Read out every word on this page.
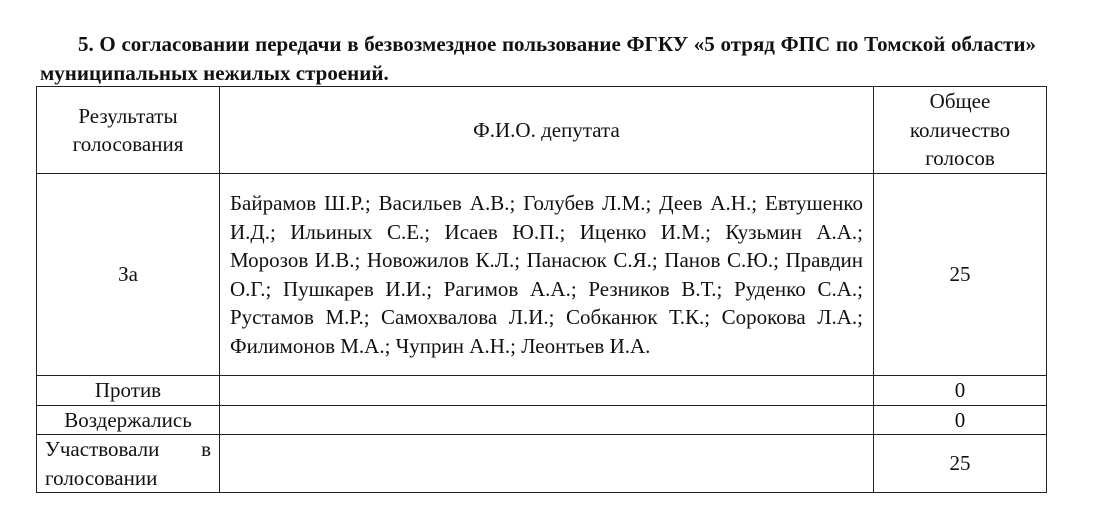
5. О согласовании передачи в безвозмездное пользование ФГКУ «5 отряд ФПС по Томской области» муниципальных нежилых строений.

Результаты голосования	Ф.И.О. депутата	Общее количество голосов
За	Байрамов Ш.Р.; Васильев А.В.; Голубев Л.М.; Деев А.Н.; Евтушенко И.Д.; Ильиных С.Е.; Исаев Ю.П.; Иценко И.М.; Кузьмин А.А.; Морозов И.В.; Новожилов К.Л.; Панасюк С.Я.; Панов С.Ю.; Правдин О.Г.; Пушкарев И.И.; Рагимов А.А.; Резников В.Т.; Руденко С.А.; Рустамов М.Р.; Самохвалова Л.И.; Собканюк Т.К.; Сорокова Л.А.; Филимонов М.А.; Чуприн А.Н.; Леонтьев И.А.	25
Против		0
Воздержались		0
Участвовали в голосовании		25
